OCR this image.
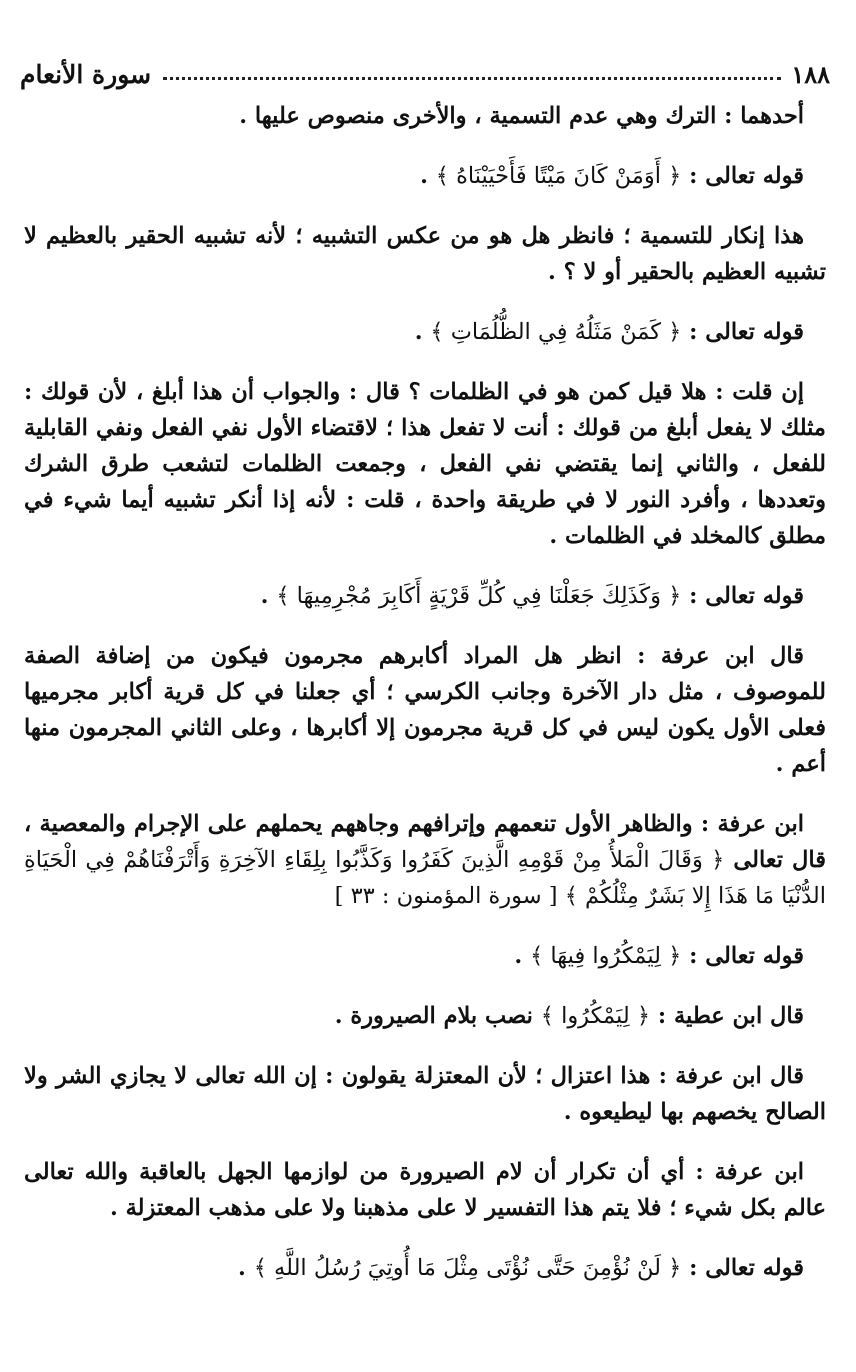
١٨٨
سورة الأنعام

أحدهما : الترك وهي عدم التسمية ، والأخرى منصوص عليها .

قوله تعالى : ﴿ أَوَمَنْ كَانَ مَيْتًا فَأَحْيَيْنَاهُ ﴾ .

هذا إنكار للتسمية ؛ فانظر هل هو من عكس التشبيه ؛ لأنه تشبيه الحقير بالعظيم لا تشبيه العظيم بالحقير أو لا ؟ .

قوله تعالى : ﴿ كَمَنْ مَثَلُهُ فِي الظُّلُمَاتِ ﴾ .

إن قلت : هلا قيل كمن هو في الظلمات ؟ قال : والجواب أن هذا أبلغ ، لأن قولك : مثلك لا يفعل أبلغ من قولك : أنت لا تفعل هذا ؛ لاقتضاء الأول نفي الفعل ونفي القابلية للفعل ، والثاني إنما يقتضي نفي الفعل ، وجمعت الظلمات لتشعب طرق الشرك وتعددها ، وأفرد النور لا في طريقة واحدة ، قلت : لأنه إذا أنكر تشبيه أيما شيء في مطلق كالمخلد في الظلمات .

قوله تعالى : ﴿ وَكَذَلِكَ جَعَلْنَا فِي كُلِّ قَرْيَةٍ أَكَابِرَ مُجْرِمِيهَا ﴾ .

قال ابن عرفة : انظر هل المراد أكابرهم مجرمون فيكون من إضافة الصفة للموصوف ، مثل دار الآخرة وجانب الكرسي ؛ أي جعلنا في كل قرية أكابر مجرميها فعلى الأول يكون ليس في كل قرية مجرمون إلا أكابرها ، وعلى الثاني المجرمون منها أعم .

ابن عرفة : والظاهر الأول تنعمهم وإترافهم وجاههم يحملهم على الإجرام والمعصية ، قال تعالى ﴿ وَقَالَ الْمَلأُ مِنْ قَوْمِهِ الَّذِينَ كَفَرُوا وَكَذَّبُوا بِلِقَاءِ الآخِرَةِ وَأَتْرَفْنَاهُمْ فِي الْحَيَاةِ الدُّنْيَا مَا هَذَا إِلا بَشَرٌ مِثْلُكُمْ ﴾ [ سورة المؤمنون : ٣٣ ]

قوله تعالى : ﴿ لِيَمْكُرُوا فِيهَا ﴾ .

قال ابن عطية : ﴿ لِيَمْكُرُوا ﴾ نصب بلام الصيرورة .

قال ابن عرفة : هذا اعتزال ؛ لأن المعتزلة يقولون : إن الله تعالى لا يجازي الشر ولا الصالح يخصهم بها ليطيعوه .

ابن عرفة : أي أن تكرار أن لام الصيرورة من لوازمها الجهل بالعاقبة والله تعالى عالم بكل شيء ؛ فلا يتم هذا التفسير لا على مذهبنا ولا على مذهب المعتزلة .

قوله تعالى : ﴿ لَنْ نُؤْمِنَ حَتَّى نُؤْتَى مِثْلَ مَا أُوتِيَ رُسُلُ اللَّهِ ﴾ .
